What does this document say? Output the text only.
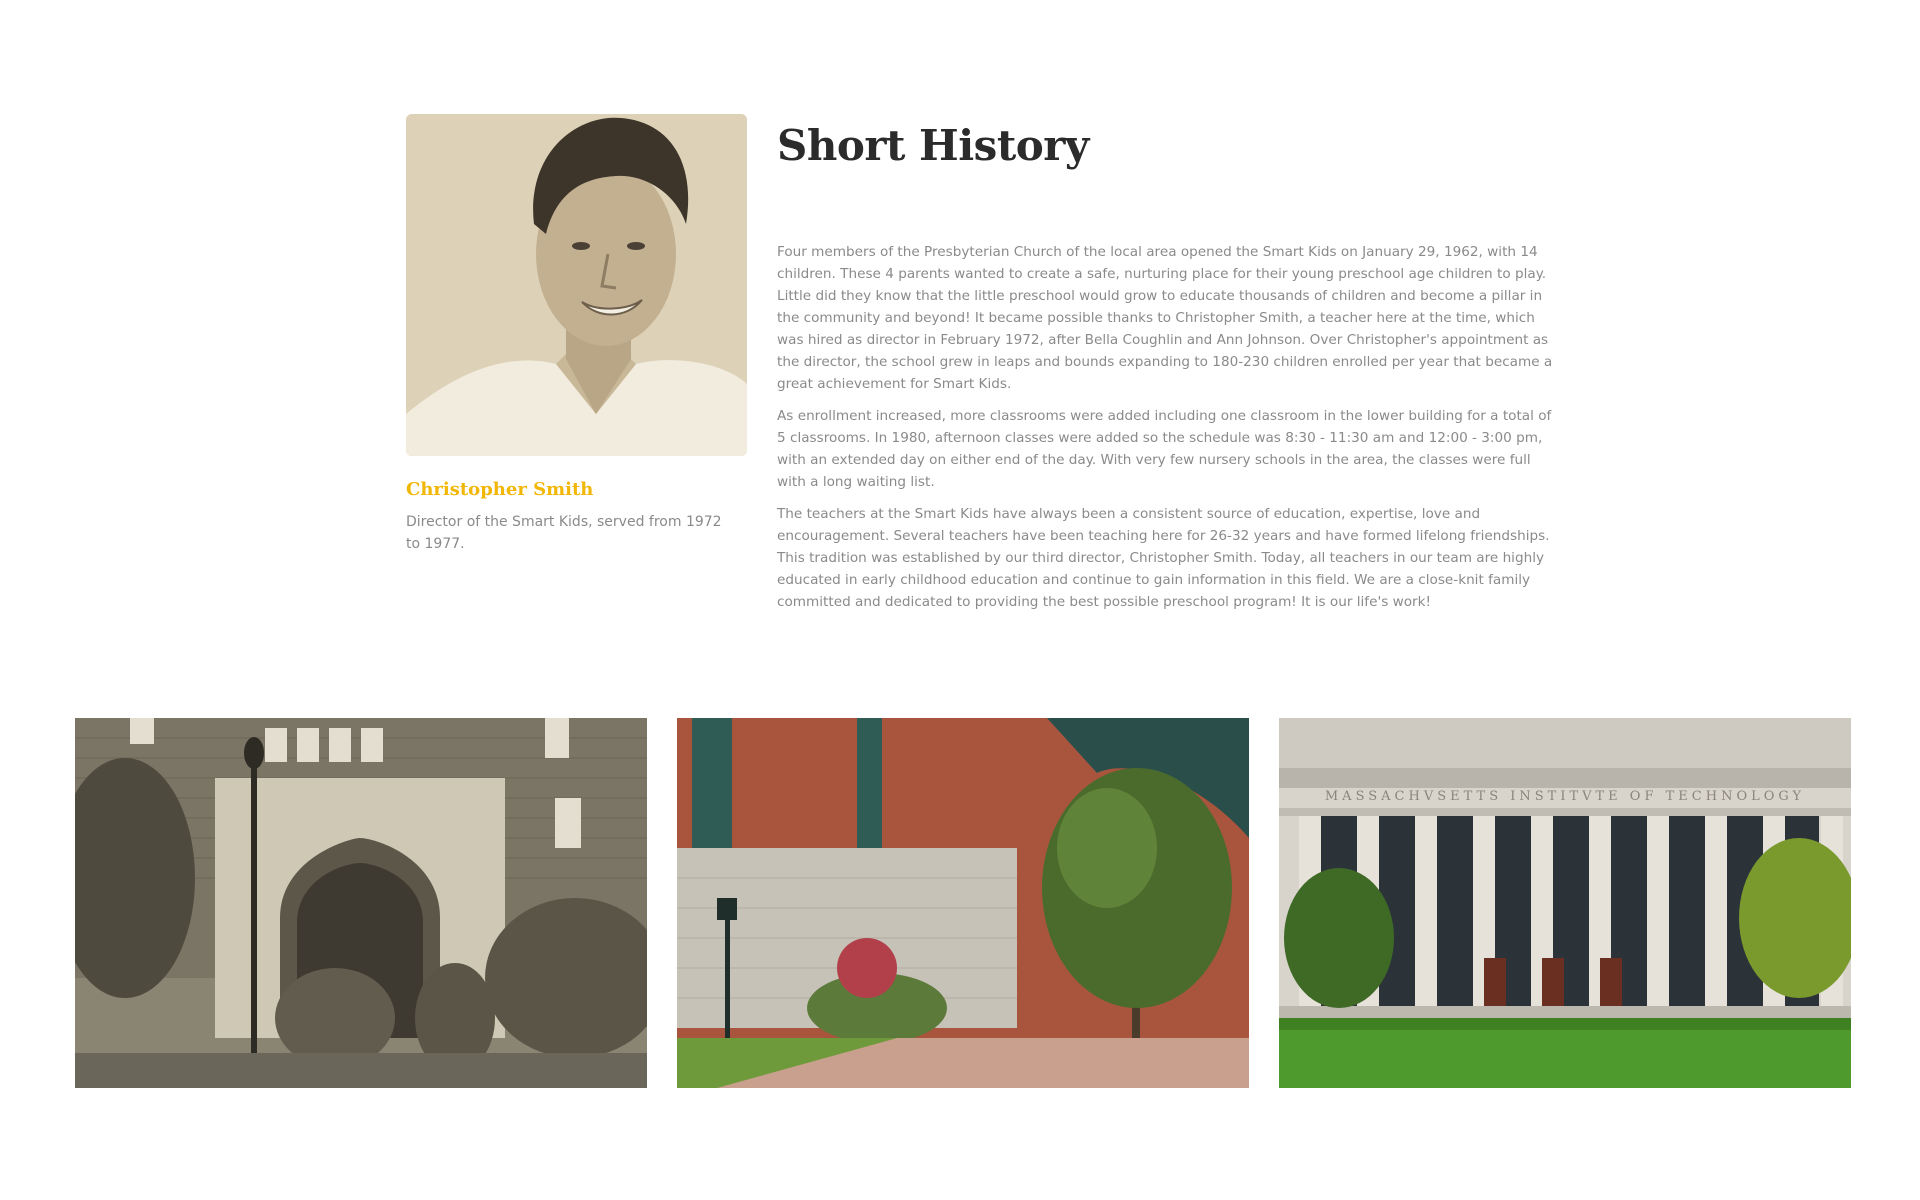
Christopher Smith

Director of the Smart Kids, served from 1972 to 1977.

Short History

Four members of the Presbyterian Church of the local area opened the Smart Kids on January 29, 1962, with 14 children. These 4 parents wanted to create a safe, nurturing place for their young preschool age children to play. Little did they know that the little preschool would grow to educate thousands of children and become a pillar in the community and beyond! It became possible thanks to Christopher Smith, a teacher here at the time, which was hired as director in February 1972, after Bella Coughlin and Ann Johnson. Over Christopher's appointment as the director, the school grew in leaps and bounds expanding to 180-230 children enrolled per year that became a great achievement for Smart Kids.

As enrollment increased, more classrooms were added including one classroom in the lower building for a total of 5 classrooms. In 1980, afternoon classes were added so the schedule was 8:30 - 11:30 am and 12:00 - 3:00 pm, with an extended day on either end of the day. With very few nursery schools in the area, the classes were full with a long waiting list.

The teachers at the Smart Kids have always been a consistent source of education, expertise, love and encouragement. Several teachers have been teaching here for 26-32 years and have formed lifelong friendships. This tradition was established by our third director, Christopher Smith. Today, all teachers in our team are highly educated in early childhood education and continue to gain information in this field. We are a close-knit family committed and dedicated to providing the best possible preschool program! It is our life's work!

MASSACHVSETTS INSTITVTE OF TECHNOLOGY
